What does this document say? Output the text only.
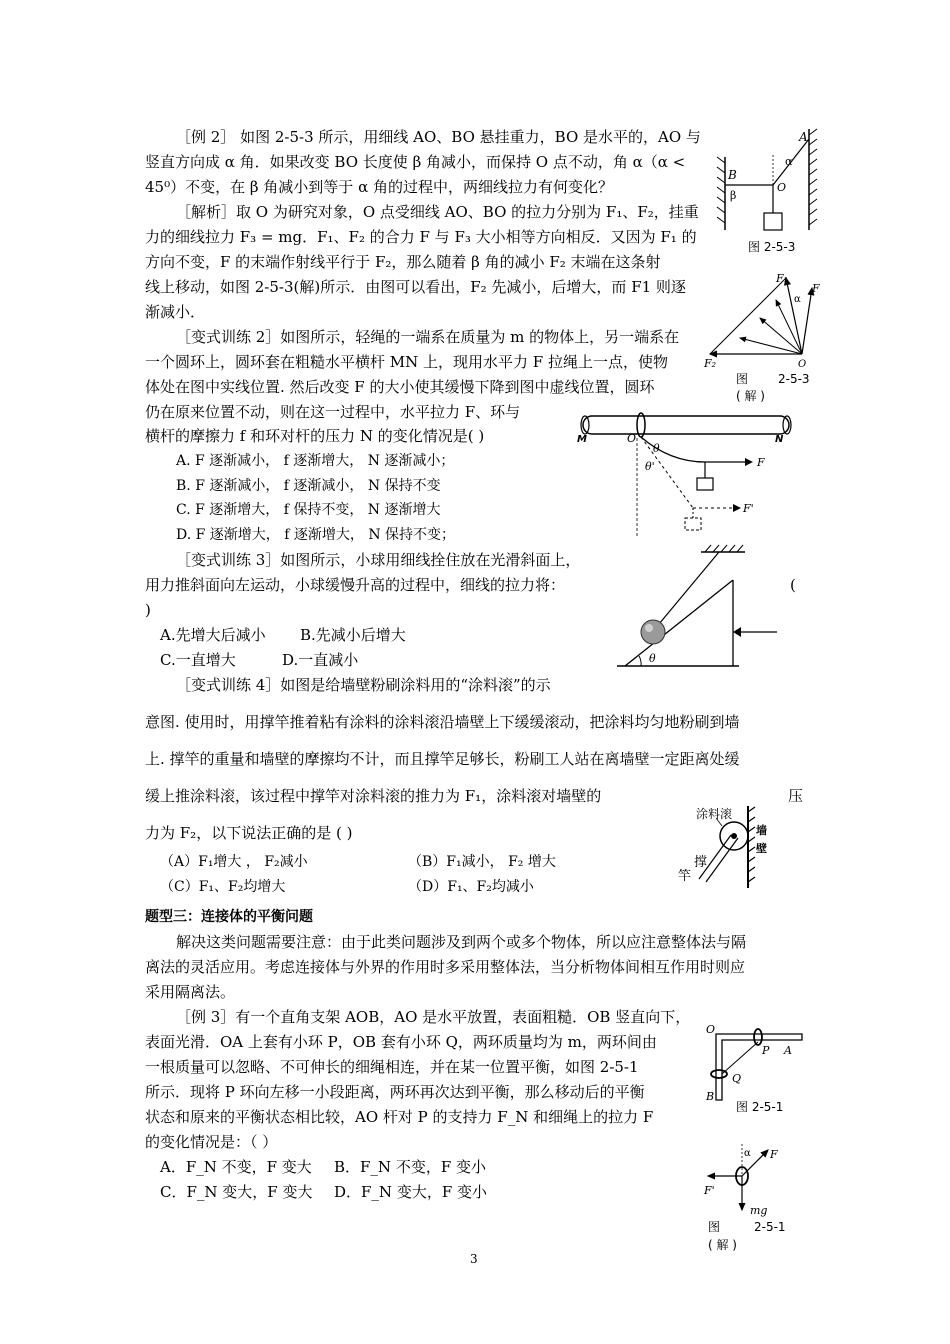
［例 2］ 如图 2-5-3 所示，用细线 AO、BO 悬挂重力，BO 是水平的，AO 与
竖直方向成 α 角．如果改变 BO 长度使 β 角减小，而保持 O 点不动，角 α（α <
45⁰）不变，在 β 角减小到等于 α 角的过程中，两细线拉力有何变化？
［解析］取 O 为研究对象，O 点受细线 AO、BO 的拉力分别为 F₁、F₂，挂重
力的细线拉力 F₃ = mg．F₁、F₂ 的合力 F 与 F₃ 大小相等方向相反．又因为 F₁ 的
方向不变，F 的末端作射线平行于 F₂，那么随着 β 角的减小 F₂ 末端在这条射
线上移动，如图 2-5-3(解)所示．由图可以看出，F₂ 先减小，后增大，而 F1 则逐
渐减小．
A
α
B
β
O
图 2-5-3
F₁
F
α
F₂	O
图 2-5-3
( 解 )
［变式训练 2］如图所示，轻绳的一端系在质量为 m 的物体上，另一端系在
一个圆环上，圆环套在粗糙水平横杆 MN 上，现用水平力 F 拉绳上一点，使物
体处在图中实线位置. 然后改变 F 的大小使其缓慢下降到图中虚线位置，圆环
仍在原来位置不动，则在这一过程中，水平拉力 F、环与
横杆的摩擦力 f 和环对杆的压力 N 的变化情况是( )
A. F 逐渐减小， f 逐渐增大， N 逐渐减小；
B. F 逐渐减小， f 逐渐减小， N 保持不变
C. F 逐渐增大， f 保持不变， N 逐渐增大
D. F 逐渐增大， f 逐渐增大， N 保持不变；
M	O
θ
θ'
N
F
F'
［变式训练 3］如图所示，小球用细线拴住放在光滑斜面上，
用力推斜面向左运动，小球缓慢升高的过程中，细线的拉力将：	(
)
A.先增大后减小 B.先减小后增大
C.一直增大	D.一直减小	θ
［变式训练 4］如图是给墙壁粉刷涂料用的“涂料滚”的示
意图. 使用时，用撑竿推着粘有涂料的涂料滚沿墙壁上下缓缓滚动，把涂料均匀地粉刷到墙
上. 撑竿的重量和墙壁的摩擦均不计，而且撑竿足够长，粉刷工人站在离墙壁一定距离处缓
缓上推涂料滚，该过程中撑竿对涂料滚的推力为 F₁，涂料滚对墙壁的	压
力为 F₂，以下说法正确的是 ( )
（A）F₁增大 ， F₂减小	（B）F₁减小， F₂ 增大
（C）F₁、F₂均增大	（D）F₁、F₂均减小
涂料滚
墙
壁
撑
竿
题型三：连接体的平衡问题
解决这类问题需要注意：由于此类问题涉及到两个或多个物体，所以应注意整体法与隔
离法的灵活应用。考虑连接体与外界的作用时多采用整体法，当分析物体间相互作用时则应
采用隔离法。
［例 3］有一个直角支架 AOB，AO 是水平放置，表面粗糙．OB 竖直向下，
表面光滑．OA 上套有小环 P，OB 套有小环 Q，两环质量均为 m，两环间由
一根质量可以忽略、不可伸长的细绳相连，并在某一位置平衡，如图 2-5-1
所示．现将 P 环向左移一小段距离，两环再次达到平衡，那么移动后的平衡
状态和原来的平衡状态相比较，AO 杆对 P 的支持力 F_N 和细绳上的拉力 F
的变化情况是：（ ）
A．F_N 不变，F 变大 B．F_N 不变，F 变小
C．F_N 变大，F 变大 D．F_N 变大，F 变小
O
P A
Q
B
图 2-5-1
α F
F'
mg
图	2-5-1
( 解 )
3
